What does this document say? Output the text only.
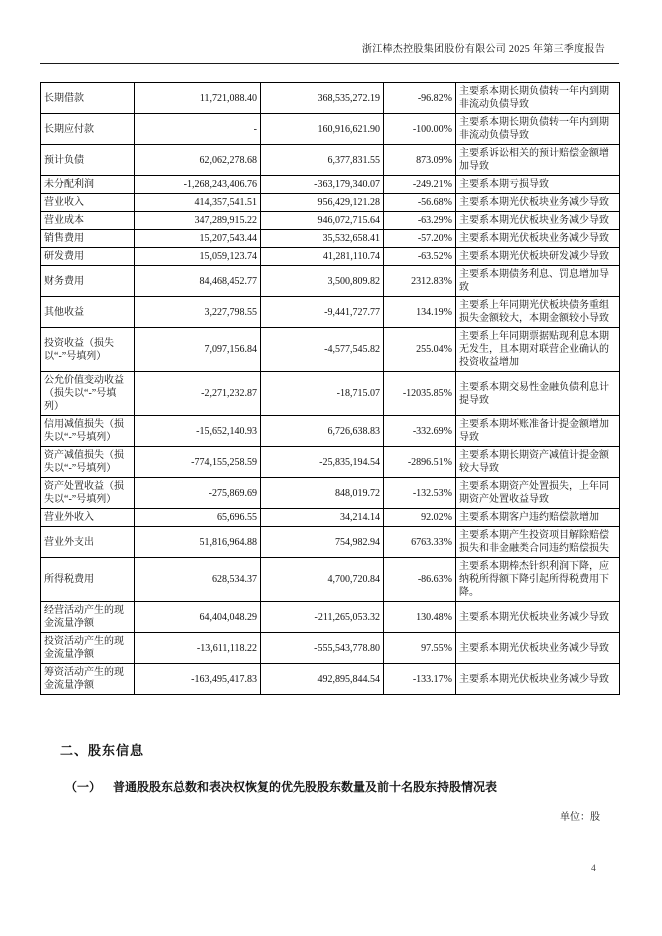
浙江棒杰控股集团股份有限公司 2025 年第三季度报告
长期借款	11,721,088.40	368,535,272.19	-96.82%	主要系本期长期负债转一年内到期非流动负债导致
长期应付款	-	160,916,621.90	-100.00%	主要系本期长期负债转一年内到期非流动负债导致
预计负债	62,062,278.68	6,377,831.55	873.09%	主要系诉讼相关的预计赔偿金额增加导致
未分配利润	-1,268,243,406.76	-363,179,340.07	-249.21%	主要系本期亏损导致
营业收入	414,357,541.51	956,429,121.28	-56.68%	主要系本期光伏板块业务减少导致
营业成本	347,289,915.22	946,072,715.64	-63.29%	主要系本期光伏板块业务减少导致
销售费用	15,207,543.44	35,532,658.41	-57.20%	主要系本期光伏板块业务减少导致
研发费用	15,059,123.74	41,281,110.74	-63.52%	主要系本期光伏板块研发减少导致
财务费用	84,468,452.77	3,500,809.82	2312.83%	主要系本期债务利息、罚息增加导致
其他收益	3,227,798.55	-9,441,727.77	134.19%	主要系上年同期光伏板块债务重组损失金额较大，本期金额较小导致
投资收益（损失以“-”号填列）	7,097,156.84	-4,577,545.82	255.04%	主要系上年同期票据贴现利息本期无发生，且本期对联营企业确认的投资收益增加
公允价值变动收益（损失以“-”号填列）	-2,271,232.87	-18,715.07	-12035.85%	主要系本期交易性金融负债利息计提导致
信用减值损失（损失以“-”号填列）	-15,652,140.93	6,726,638.83	-332.69%	主要系本期坏账准备计提金额增加导致
资产减值损失（损失以“-”号填列）	-774,155,258.59	-25,835,194.54	-2896.51%	主要系本期长期资产减值计提金额较大导致
资产处置收益（损失以“-”号填列）	-275,869.69	848,019.72	-132.53%	主要系本期资产处置损失，上年同期资产处置收益导致
营业外收入	65,696.55	34,214.14	92.02%	主要系本期客户违约赔偿款增加
营业外支出	51,816,964.88	754,982.94	6763.33%	主要系本期产生投资项目解除赔偿损失和非金融类合同违约赔偿损失
所得税费用	628,534.37	4,700,720.84	-86.63%	主要系本期棒杰针织利润下降，应纳税所得额下降引起所得税费用下降。
经营活动产生的现金流量净额	64,404,048.29	-211,265,053.32	130.48%	主要系本期光伏板块业务减少导致
投资活动产生的现金流量净额	-13,611,118.22	-555,543,778.80	97.55%	主要系本期光伏板块业务减少导致
筹资活动产生的现金流量净额	-163,495,417.83	492,895,844.54	-133.17%	主要系本期光伏板块业务减少导致
二、股东信息
（一） 普通股股东总数和表决权恢复的优先股股东数量及前十名股东持股情况表
单位：股
4
